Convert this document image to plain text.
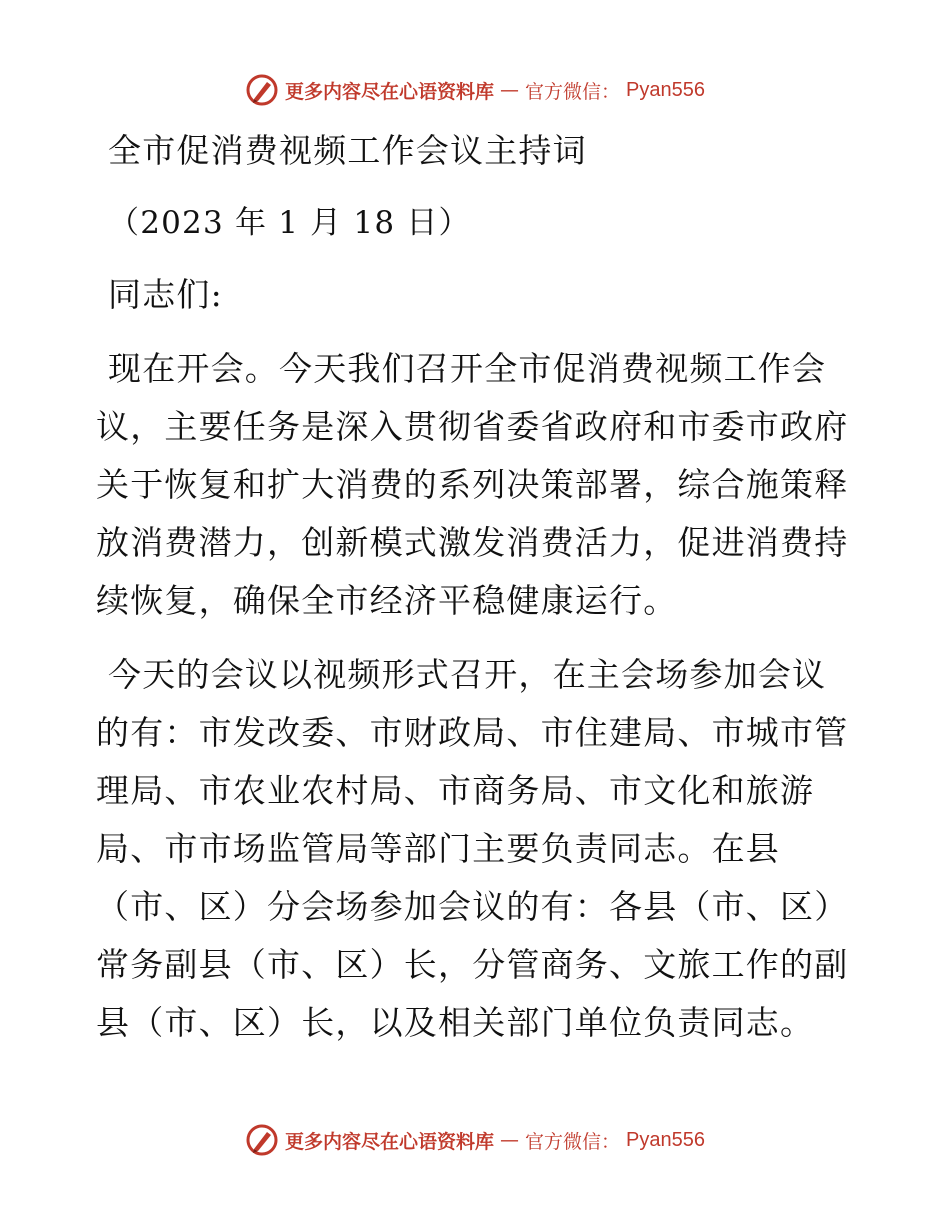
更多内容尽在心语资料库 — 官方微信： Pyan556

全市促消费视频工作会议主持词

（2023 年 1 月 18 日）

同志们:

现在开会。今天我们召开全市促消费视频工作会

议，主要任务是深入贯彻省委省政府和市委市政府

关于恢复和扩大消费的系列决策部署，综合施策释

放消费潜力，创新模式激发消费活力，促进消费持

续恢复，确保全市经济平稳健康运行。

今天的会议以视频形式召开，在主会场参加会议

的有：市发改委、市财政局、市住建局、市城市管

理局、市农业农村局、市商务局、市文化和旅游

局、市市场监管局等部门主要负责同志。在县

（市、区）分会场参加会议的有：各县（市、区）

常务副县（市、区）长，分管商务、文旅工作的副

县（市、区）长，以及相关部门单位负责同志。

更多内容尽在心语资料库 — 官方微信： Pyan556
